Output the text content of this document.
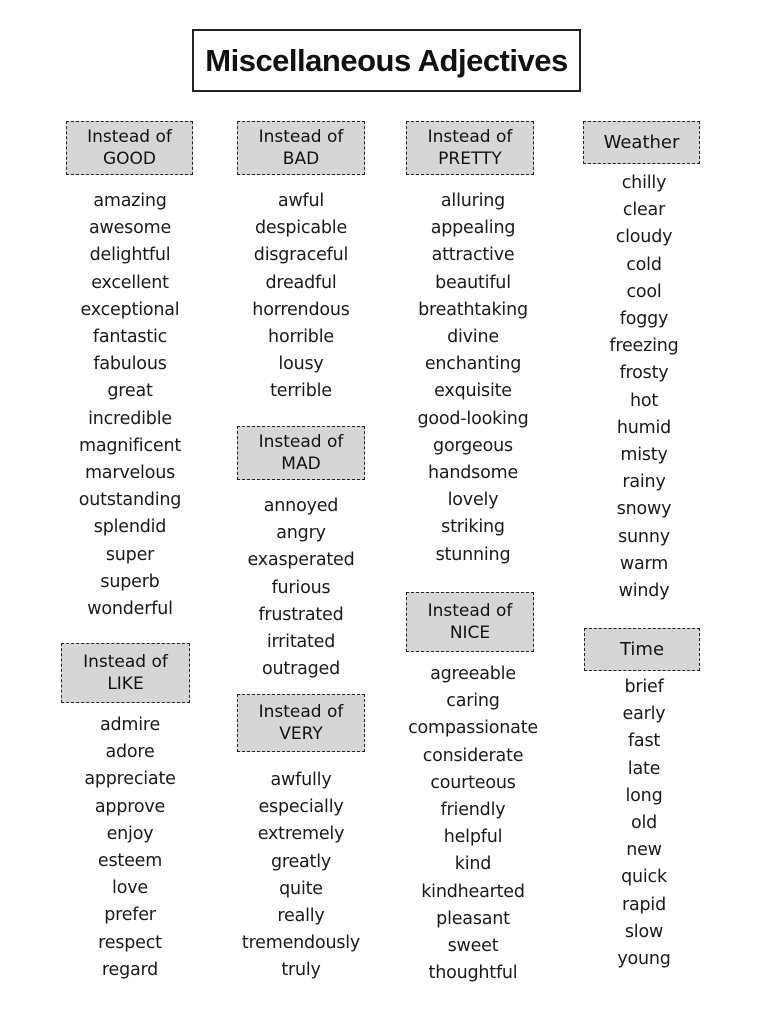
Miscellaneous Adjectives
Instead of
GOOD
amazing
awesome
delightful
excellent
exceptional
fantastic
fabulous
great
incredible
magnificent
marvelous
outstanding
splendid
super
superb
wonderful
Instead of
LIKE
admire
adore
appreciate
approve
enjoy
esteem
love
prefer
respect
regard
Instead of
BAD
awful
despicable
disgraceful
dreadful
horrendous
horrible
lousy
terrible
Instead of
MAD
annoyed
angry
exasperated
furious
frustrated
irritated
outraged
Instead of
VERY
awfully
especially
extremely
greatly
quite
really
tremendously
truly
Instead of
PRETTY
alluring
appealing
attractive
beautiful
breathtaking
divine
enchanting
exquisite
good-looking
gorgeous
handsome
lovely
striking
stunning
Instead of
NICE
agreeable
caring
compassionate
considerate
courteous
friendly
helpful
kind
kindhearted
pleasant
sweet
thoughtful
Weather
chilly
clear
cloudy
cold
cool
foggy
freezing
frosty
hot
humid
misty
rainy
snowy
sunny
warm
windy
Time
brief
early
fast
late
long
old
new
quick
rapid
slow
young
